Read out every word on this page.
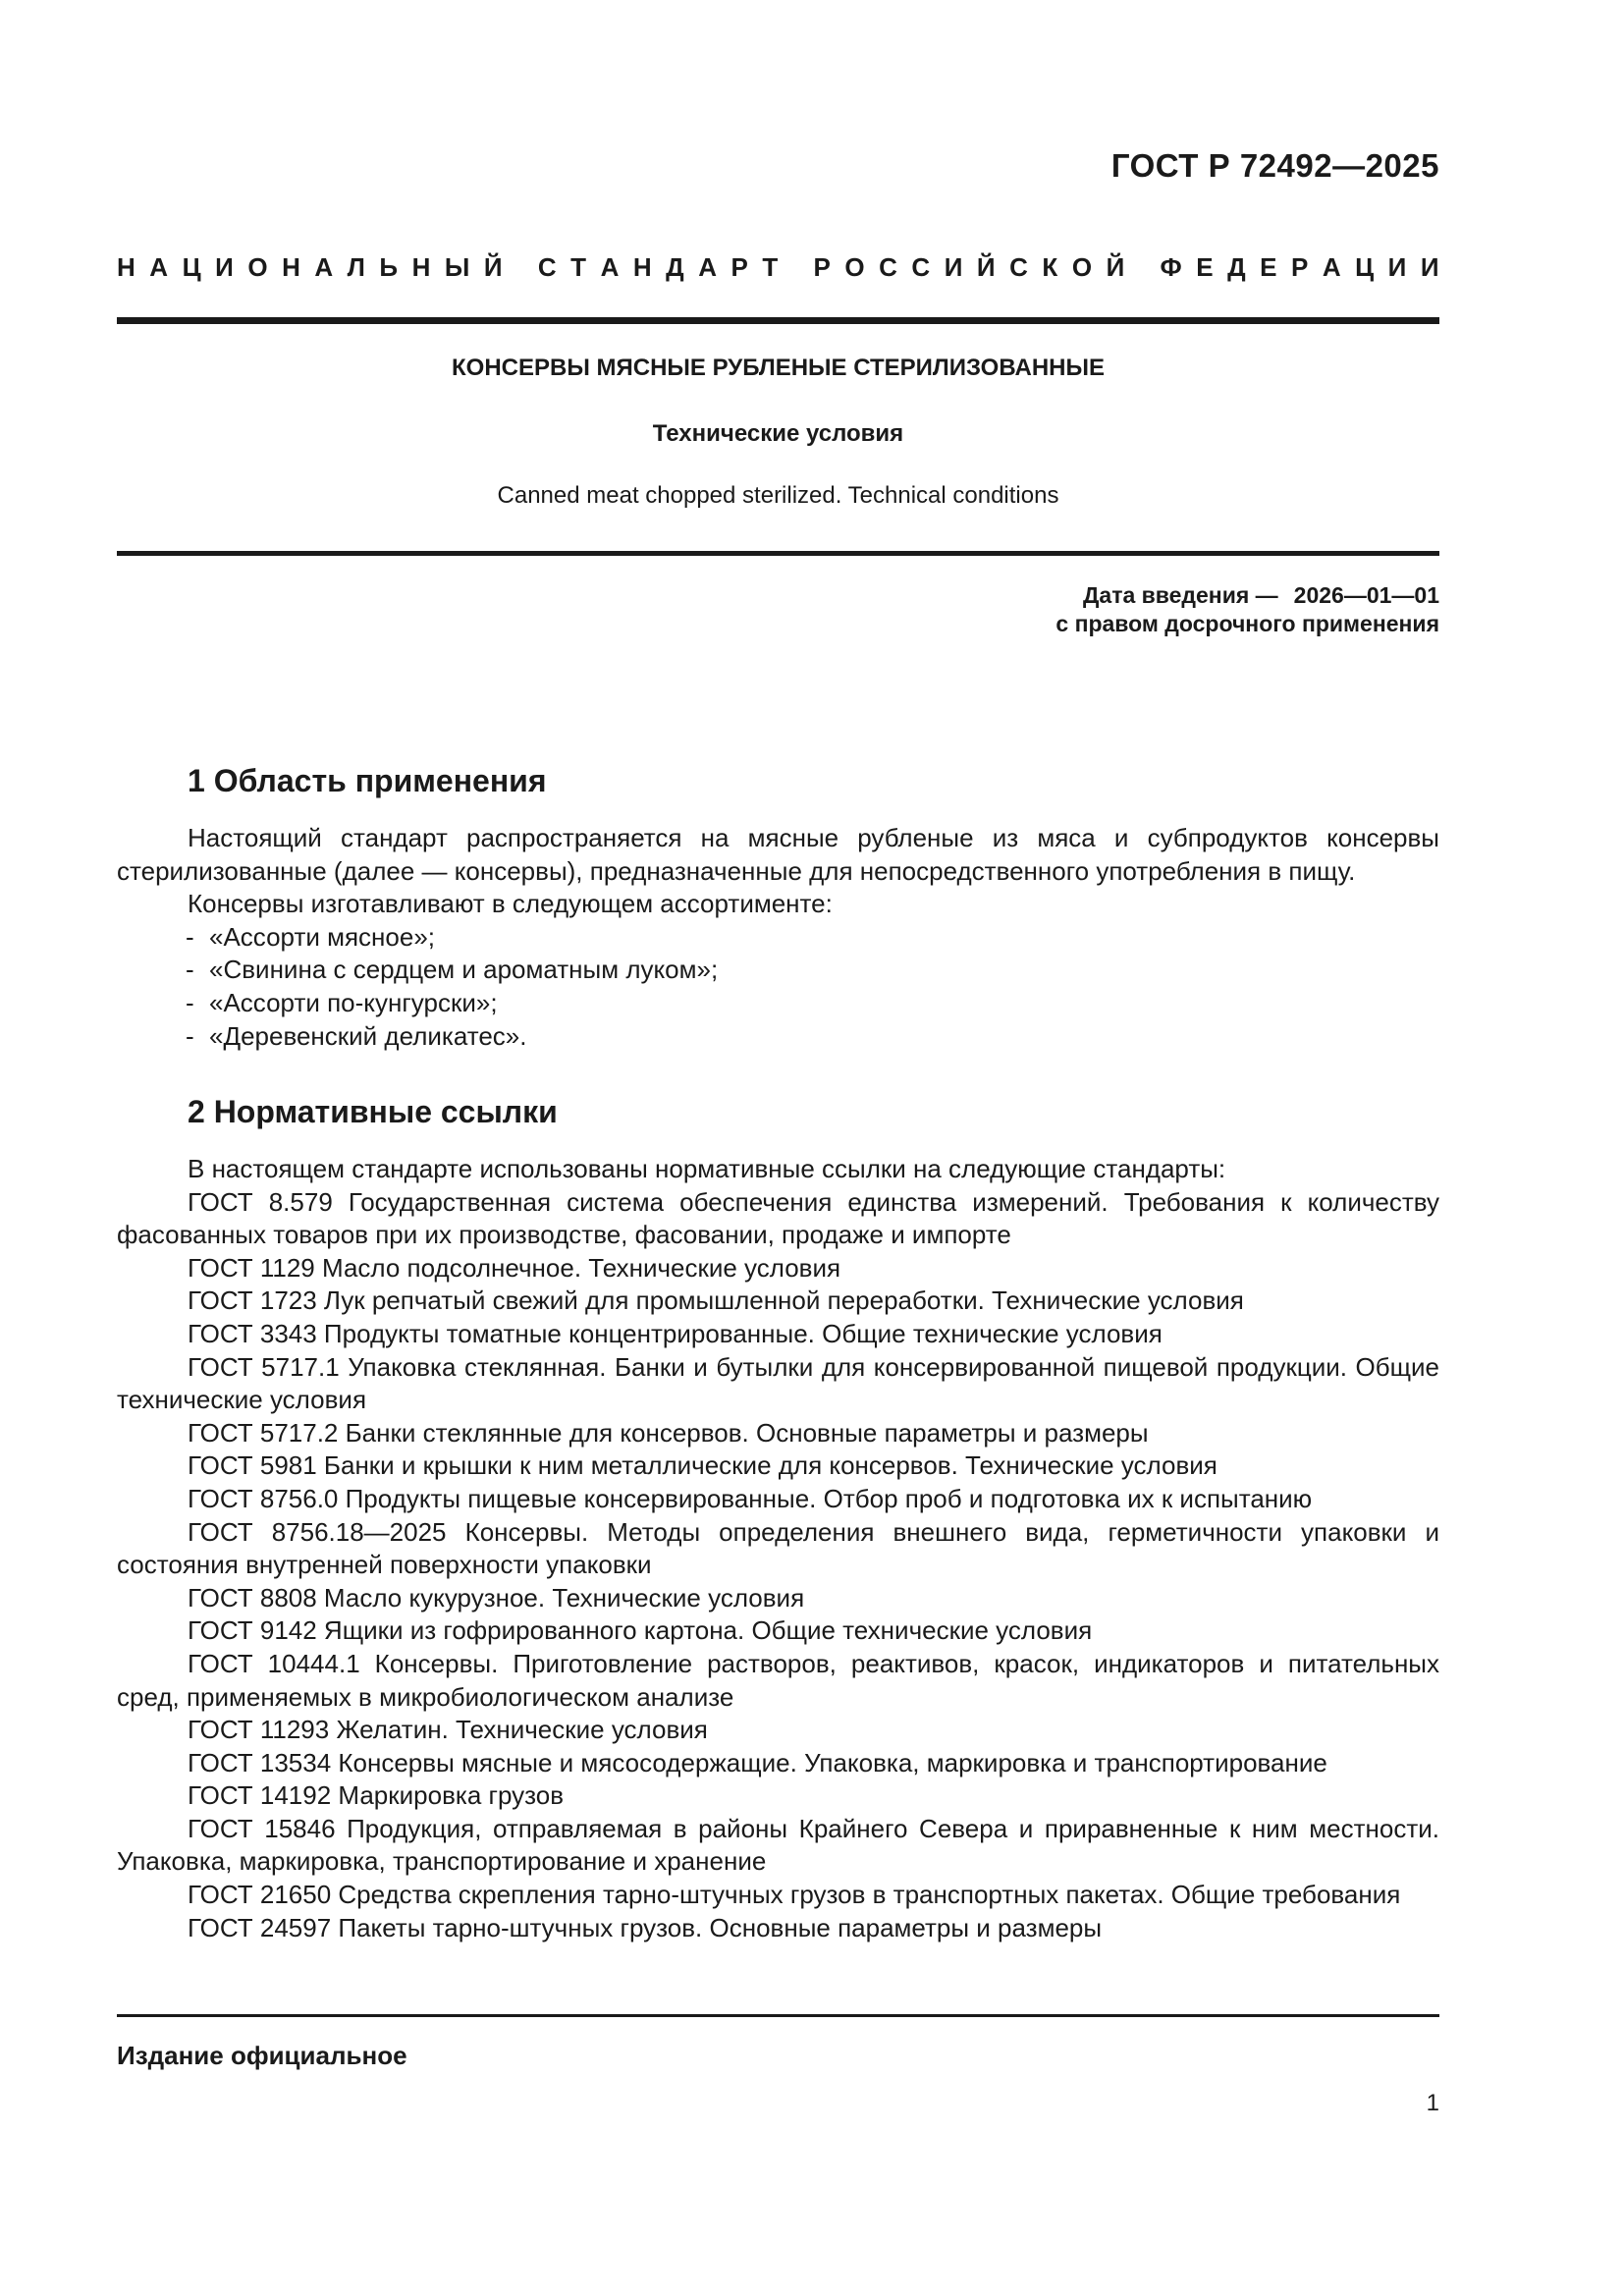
ГОСТ Р 72492—2025
Н А Ц И О Н А Л Ь Н Ы Й
С Т А Н Д А Р Т
Р О С С И Й С К О Й
Ф Е Д Е Р А Ц И И
КОНСЕРВЫ МЯСНЫЕ РУБЛЕНЫЕ СТЕРИЛИЗОВАННЫЕ
Технические условия
Canned meat chopped sterilized. Technical conditions
Дата введения — 2026—01—01
с правом досрочного применения
1 Область применения

Настоящий стандарт распространяется на мясные рубленые из мяса и субпродуктов консервы стерилизованные (далее — консервы), предназначенные для непосредственного употребления в пищу.

Консервы изготавливают в следующем ассортименте:

- «Ассорти мясное»;

- «Свинина с сердцем и ароматным луком»;

- «Ассорти по-кунгурски»;

- «Деревенский деликатес».

2 Нормативные ссылки

В настоящем стандарте использованы нормативные ссылки на следующие стандарты:

ГОСТ 8.579 Государственная система обеспечения единства измерений. Требования к количеству фасованных товаров при их производстве, фасовании, продаже и импорте

ГОСТ 1129 Масло подсолнечное. Технические условия

ГОСТ 1723 Лук репчатый свежий для промышленной переработки. Технические условия

ГОСТ 3343 Продукты томатные концентрированные. Общие технические условия

ГОСТ 5717.1 Упаковка стеклянная. Банки и бутылки для консервированной пищевой продукции. Общие технические условия

ГОСТ 5717.2 Банки стеклянные для консервов. Основные параметры и размеры

ГОСТ 5981 Банки и крышки к ним металлические для консервов. Технические условия

ГОСТ 8756.0 Продукты пищевые консервированные. Отбор проб и подготовка их к испытанию

ГОСТ 8756.18—2025 Консервы. Методы определения внешнего вида, герметичности упаковки и состояния внутренней поверхности упаковки

ГОСТ 8808 Масло кукурузное. Технические условия

ГОСТ 9142 Ящики из гофрированного картона. Общие технические условия

ГОСТ 10444.1 Консервы. Приготовление растворов, реактивов, красок, индикаторов и питательных сред, применяемых в микробиологическом анализе

ГОСТ 11293 Желатин. Технические условия

ГОСТ 13534 Консервы мясные и мясосодержащие. Упаковка, маркировка и транспортирование

ГОСТ 14192 Маркировка грузов

ГОСТ 15846 Продукция, отправляемая в районы Крайнего Севера и приравненные к ним местности. Упаковка, маркировка, транспортирование и хранение

ГОСТ 21650 Средства скрепления тарно-штучных грузов в транспортных пакетах. Общие требования

ГОСТ 24597 Пакеты тарно-штучных грузов. Основные параметры и размеры

Издание официальное
1
